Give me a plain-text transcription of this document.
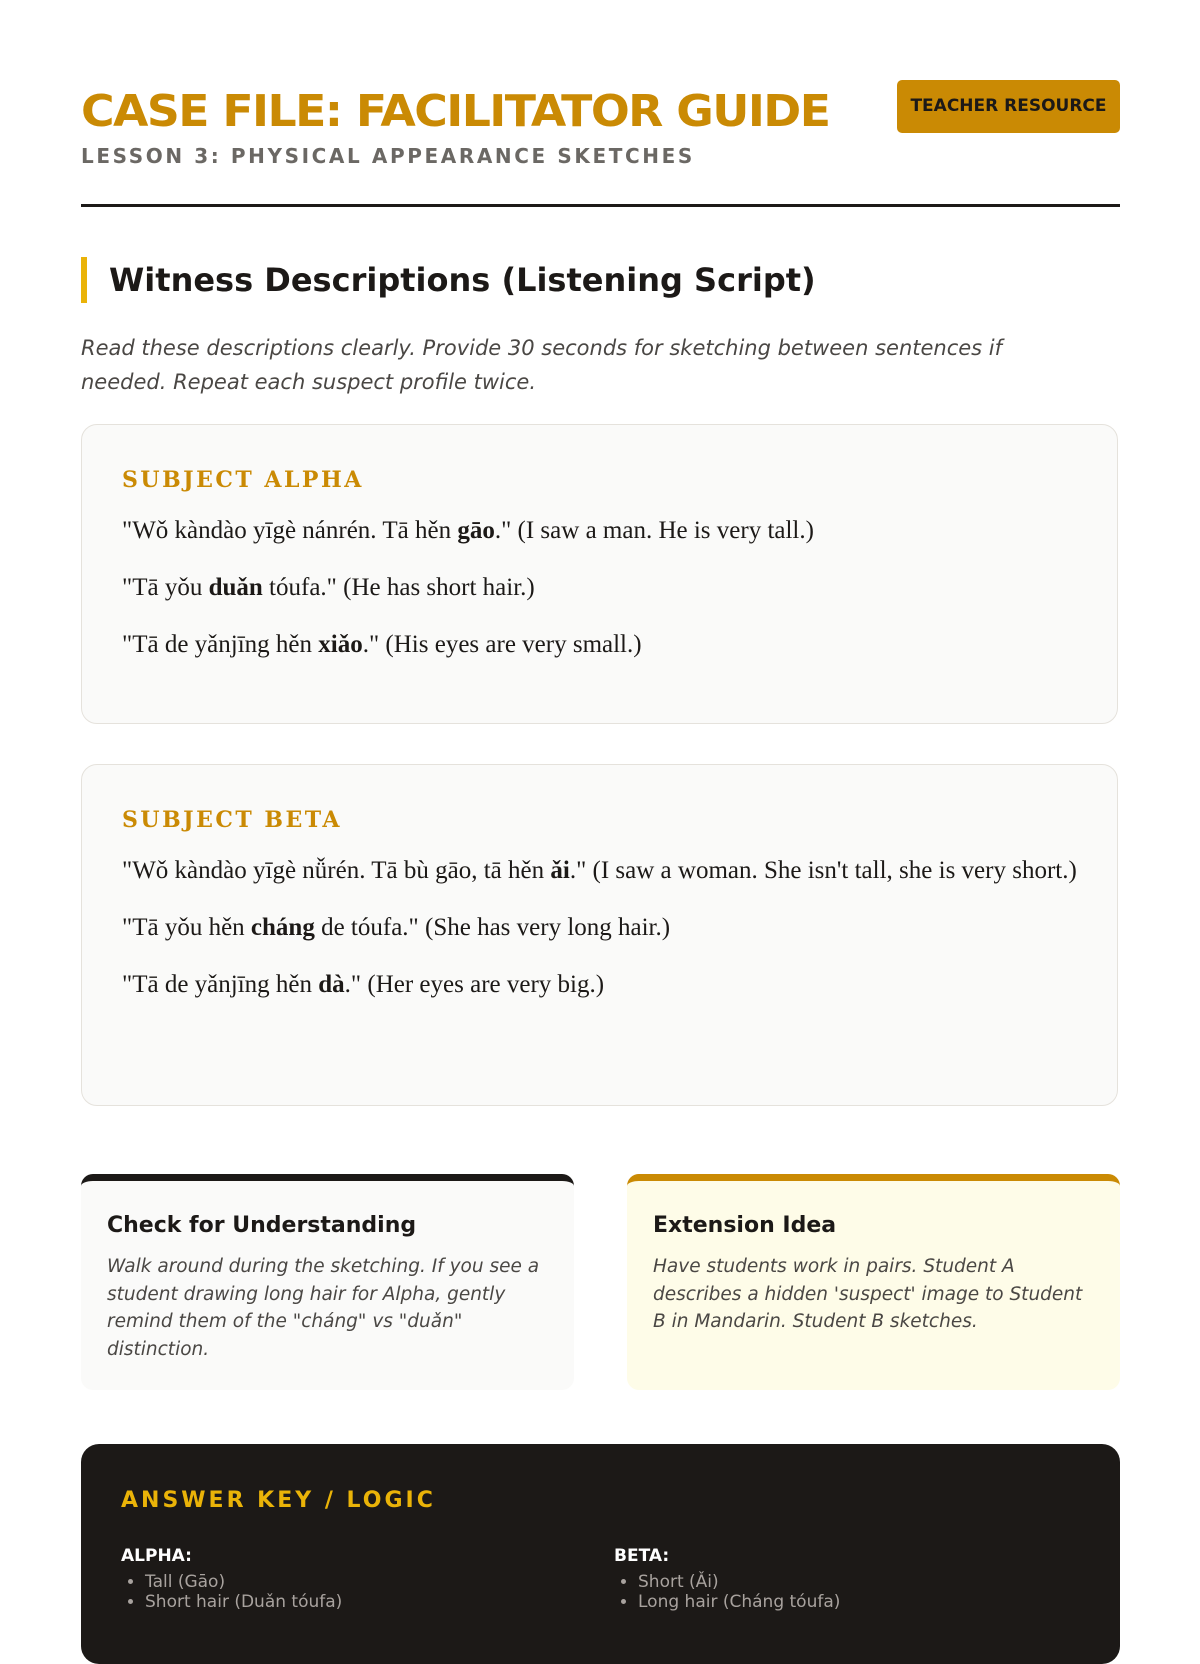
CASE FILE: FACILITATOR GUIDE
LESSON 3: PHYSICAL APPEARANCE SKETCHES
TEACHER RESOURCE
Witness Descriptions (Listening Script)

Read these descriptions clearly. Provide 30 seconds for sketching between sentences if needed. Repeat each suspect profile twice.

SUBJECT ALPHA

"Wǒ kàndào yīgè nánrén. Tā hěn gāo." (I saw a man. He is very tall.)

"Tā yǒu duǎn tóufa." (He has short hair.)

"Tā de yǎnjīng hěn xiǎo." (His eyes are very small.)

SUBJECT BETA

"Wǒ kàndào yīgè nǚrén. Tā bù gāo, tā hěn ǎi." (I saw a woman. She isn't tall, she is very short.)

"Tā yǒu hěn cháng de tóufa." (She has very long hair.)

"Tā de yǎnjīng hěn dà." (Her eyes are very big.)

Check for Understanding

Walk around during the sketching. If you see a student drawing long hair for Alpha, gently remind them of the "cháng" vs "duǎn" distinction.

Extension Idea

Have students work in pairs. Student A describes a hidden 'suspect' image to Student B in Mandarin. Student B sketches.

ANSWER KEY / LOGIC
ALPHA:
• Tall (Gāo)
• Short hair (Duǎn tóufa)
BETA:
• Short (Ǎi)
• Long hair (Cháng tóufa)
